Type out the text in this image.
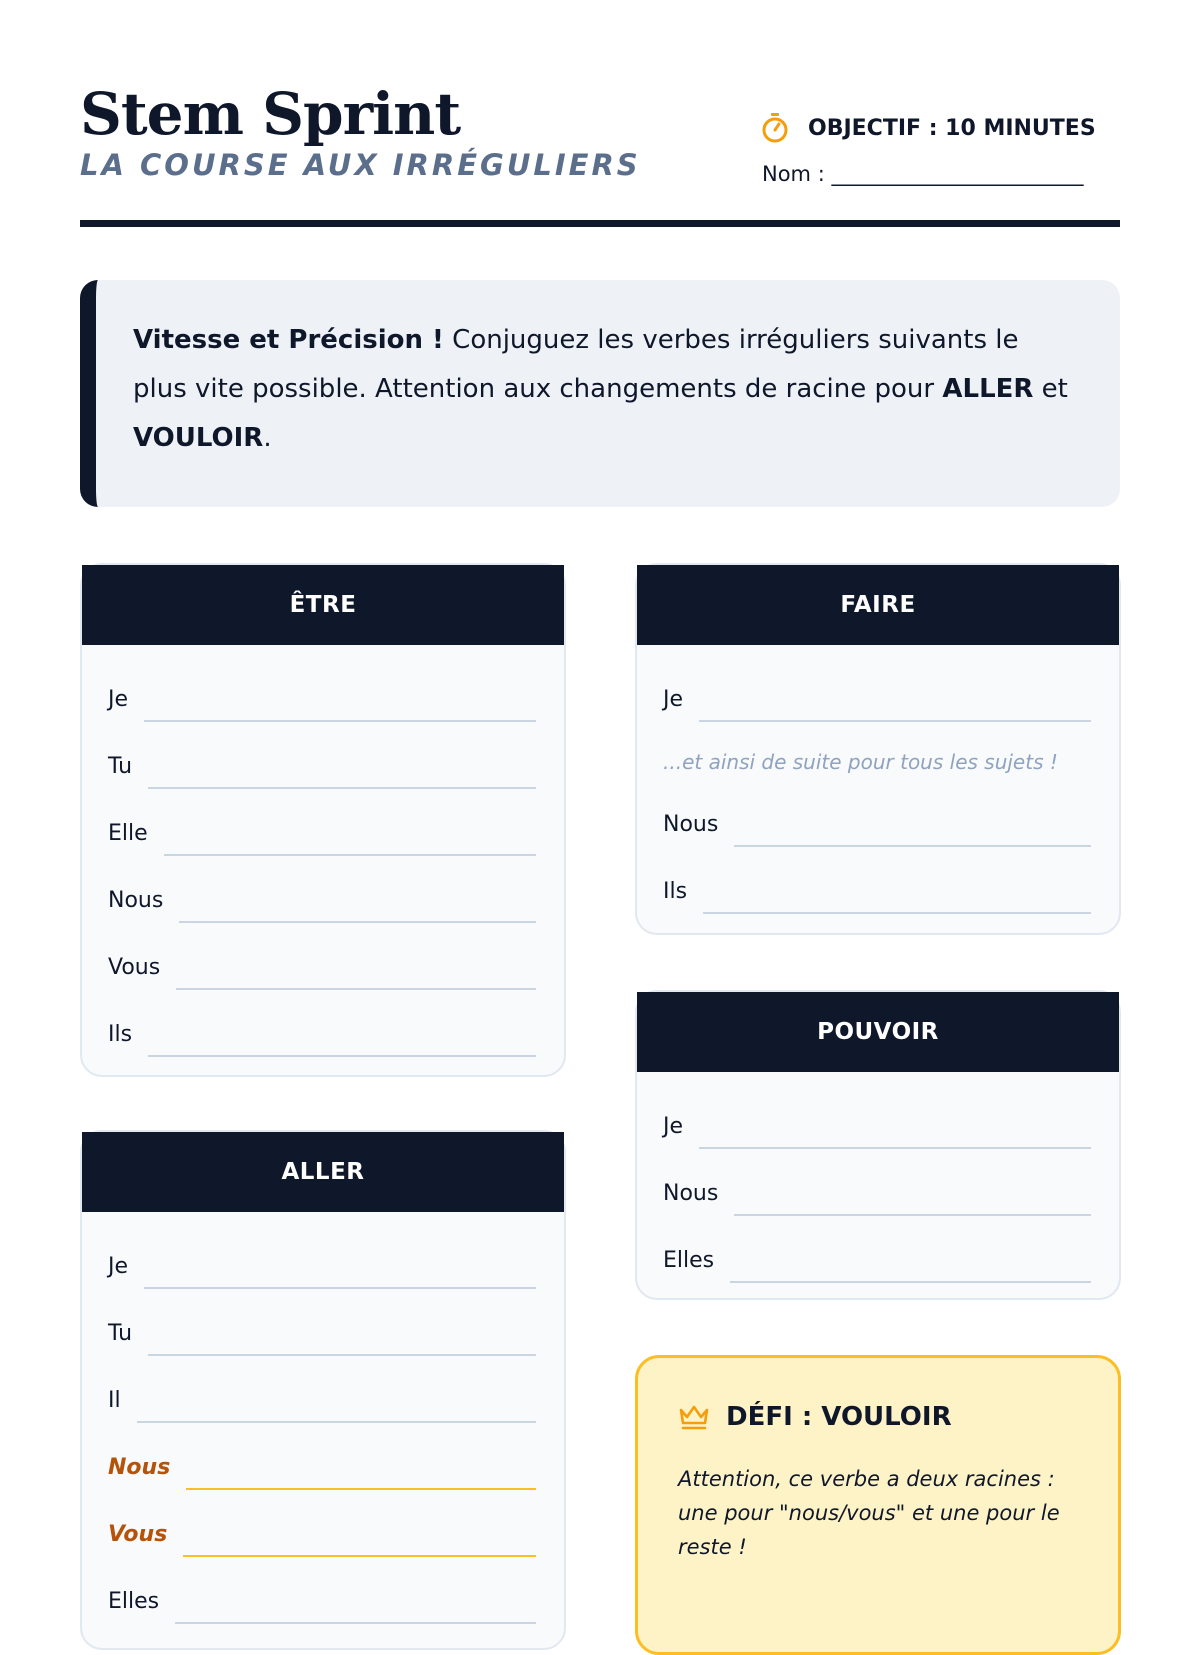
Stem Sprint
LA COURSE AUX IRRÉGULIERS
OBJECTIF : 10 MINUTES
Nom : ________________________
Vitesse et Précision ! Conjuguez les verbes irréguliers suivants le plus vite possible. Attention aux changements de racine pour ALLER et VOULOIR.
ÊTRE
Je
Tu
Elle
Nous
Vous
Ils
FAIRE
Je
...et ainsi de suite pour tous les sujets !
Nous
Ils
POUVOIR
Je
Nous
Elles
ALLER
Je
Tu
Il
Nous
Vous
Elles
DÉFI : VOULOIR
Attention, ce verbe a deux racines : une pour "nous/vous" et une pour le reste !
